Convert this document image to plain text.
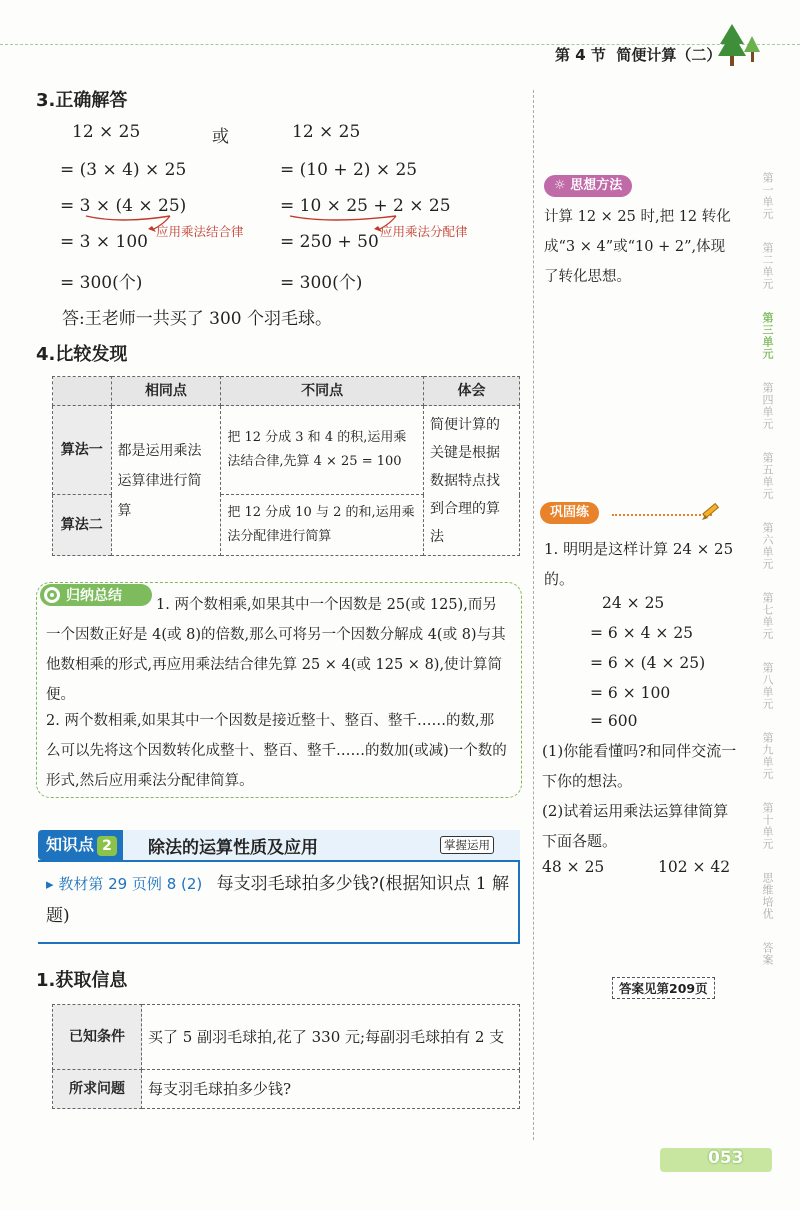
第 4 节 简便计算（二）
3.正确解答
12 × 25
= (3 × 4) × 25
= 3 × (4 × 25)
= 3 × 100
= 300(个)
或	12 × 25
= (10 + 2) × 25
= 10 × 25 + 2 × 25
= 250 + 50
= 300(个)
应用乘法结合律	应用乘法分配律
答:王老师一共买了 300 个羽毛球。
4.比较发现
	相同点	不同点	体会
算法一	都是运用乘法运算律进行简算	把 12 分成 3 和 4 的积,运用乘法结合律,先算 4 × 25 = 100	简便计算的关键是根据数据特点找到合理的算法
算法二		把 12 分成 10 与 2 的和,运用乘法分配律进行简算	
归纳总结
1. 两个数相乘,如果其中一个因数是 25(或 125),而另一个因数正好是 4(或 8)的倍数,那么可将另一个因数分解成 4(或 8)与其他数相乘的形式,再应用乘法结合律先算 25 × 4(或 125 × 8),使计算简便。
2. 两个数相乘,如果其中一个因数是接近整十、整百、整千……的数,那么可以先将这个因数转化成整十、整百、整千……的数加(或减)一个数的形式,然后应用乘法分配律简算。
知识点 2	除法的运算性质及应用	掌握运用
▸ 教材第 29 页例 8 (2) 每支羽毛球拍多少钱?(根据知识点 1 解题)
1.获取信息
已知条件	买了 5 副羽毛球拍,花了 330 元;每副羽毛球拍有 2 支
所求问题	每支羽毛球拍多少钱?
☼ 思想方法
计算 12 × 25 时,把 12 转化成“3 × 4”或“10 + 2”,体现了转化思想。
巩固练
1. 明明是这样计算 24 × 25 的。
24 × 25
= 6 × 4 × 25
= 6 × (4 × 25)
= 6 × 100
= 600
(1)你能看懂吗?和同伴交流一下你的想法。
(2)试着运用乘法运算律简算下面各题。
48 × 25	102 × 42
答案见第209页
第一单元
第二单元
第三单元
第四单元
第五单元
第六单元
第七单元
第八单元
第九单元
第十单元
思维培优
答案
053
